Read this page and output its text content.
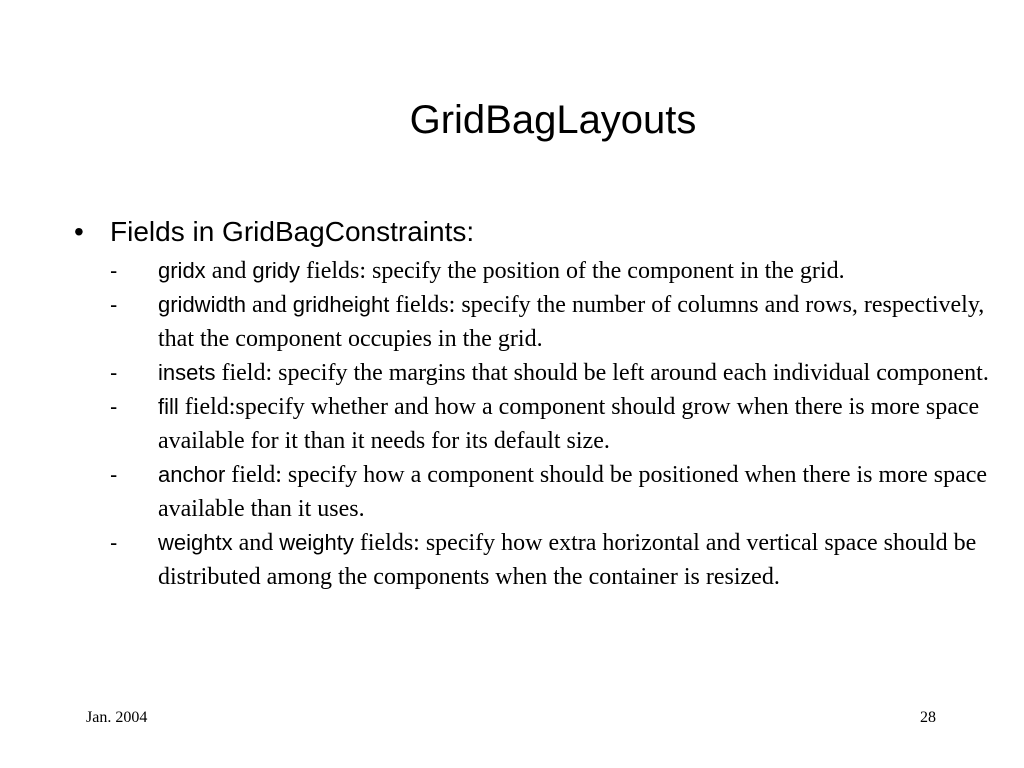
GridBagLayouts
• Fields in GridBagConstraints:
- gridx and gridy fields: specify the position of the component in the grid.
- gridwidth and gridheight fields: specify the number of columns and rows, respectively, that the component occupies in the grid.
- insets field: specify the margins that should be left around each individual component.
- fill field:specify whether and how a component should grow when there is more space available for it than it needs for its default size.
- anchor field: specify how a component should be positioned when there is more space available than it uses.
- weightx and weighty fields: specify how extra horizontal and vertical space should be distributed among the components when the container is resized.
Jan. 2004	28
